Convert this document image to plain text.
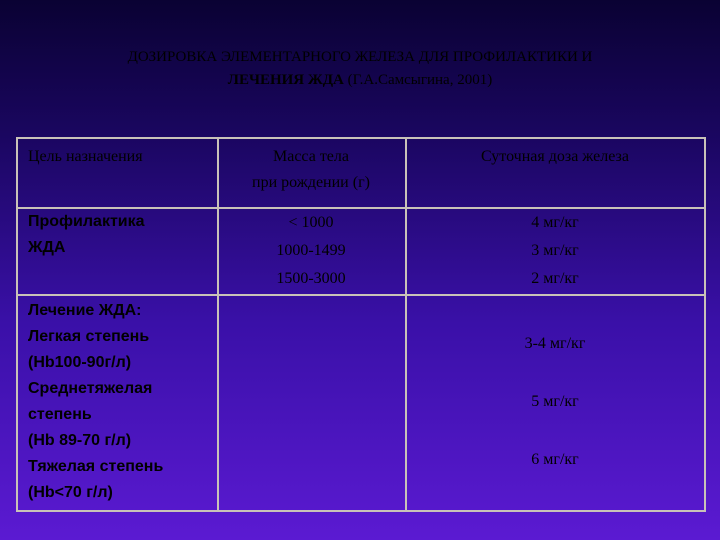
ДОЗИРОВКА ЭЛЕМЕНТАРНОГО ЖЕЛЕЗА ДЛЯ ПРОФИЛАКТИКИ И
ЛЕЧЕНИЯ ЖДА (Г.А.Самсыгина, 2001)
Цель назначения	Масса тела
при рождении (г)
Суточная доза железа
Профилактика
ЖДА
< 1000
1000-1499
1500-3000
4 мг/кг
3 мг/кг
2 мг/кг
Лечение ЖДА:
Легкая степень
(Hb100-90г/л)
Среднетяжелая
степень
(Hb 89-70 г/л)
Тяжелая степень
(Hb<70 г/л)
3-4 мг/кг
5 мг/кг
6 мг/кг
